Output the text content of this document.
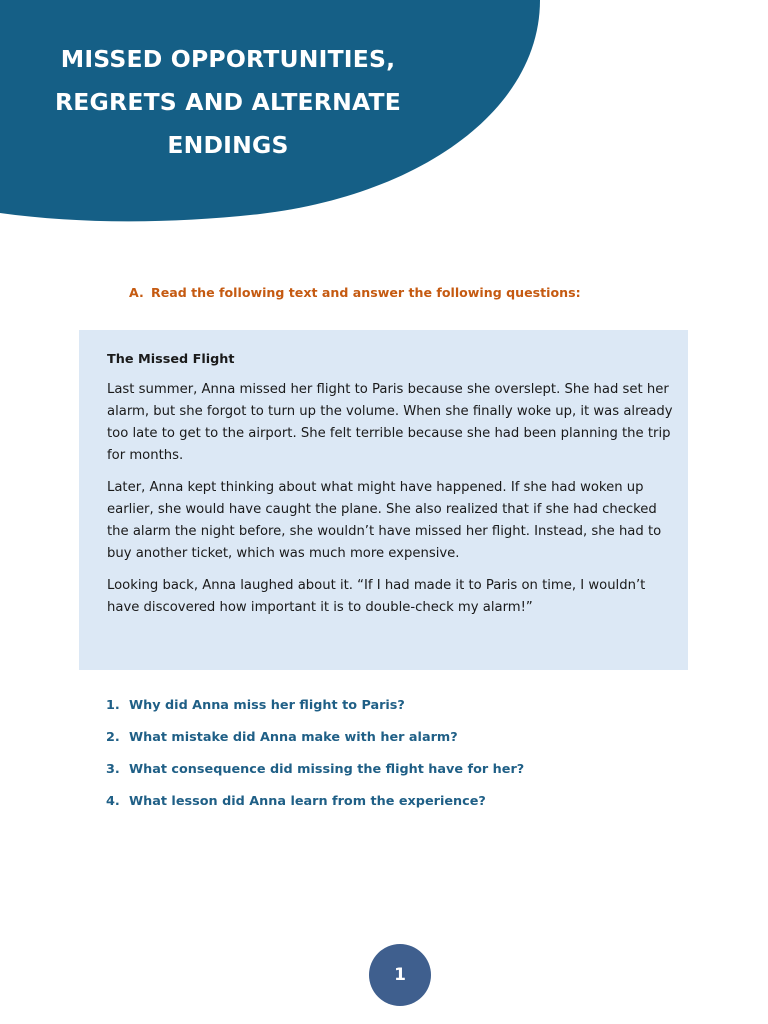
MISSED OPPORTUNITIES,
REGRETS AND ALTERNATE
ENDINGS

A. Read the following text and answer the following questions:

The Missed Flight

Last summer, Anna missed her flight to Paris because she overslept. She had set her alarm, but she forgot to turn up the volume. When she finally woke up, it was already too late to get to the airport. She felt terrible because she had been planning the trip for months.

Later, Anna kept thinking about what might have happened. If she had woken up earlier, she would have caught the plane. She also realized that if she had checked the alarm the night before, she wouldn’t have missed her flight. Instead, she had to buy another ticket, which was much more expensive.

Looking back, Anna laughed about it. “If I had made it to Paris on time, I wouldn’t have discovered how important it is to double-check my alarm!”

1. Why did Anna miss her flight to Paris?
2. What mistake did Anna make with her alarm?
3. What consequence did missing the flight have for her?
4. What lesson did Anna learn from the experience?
1
